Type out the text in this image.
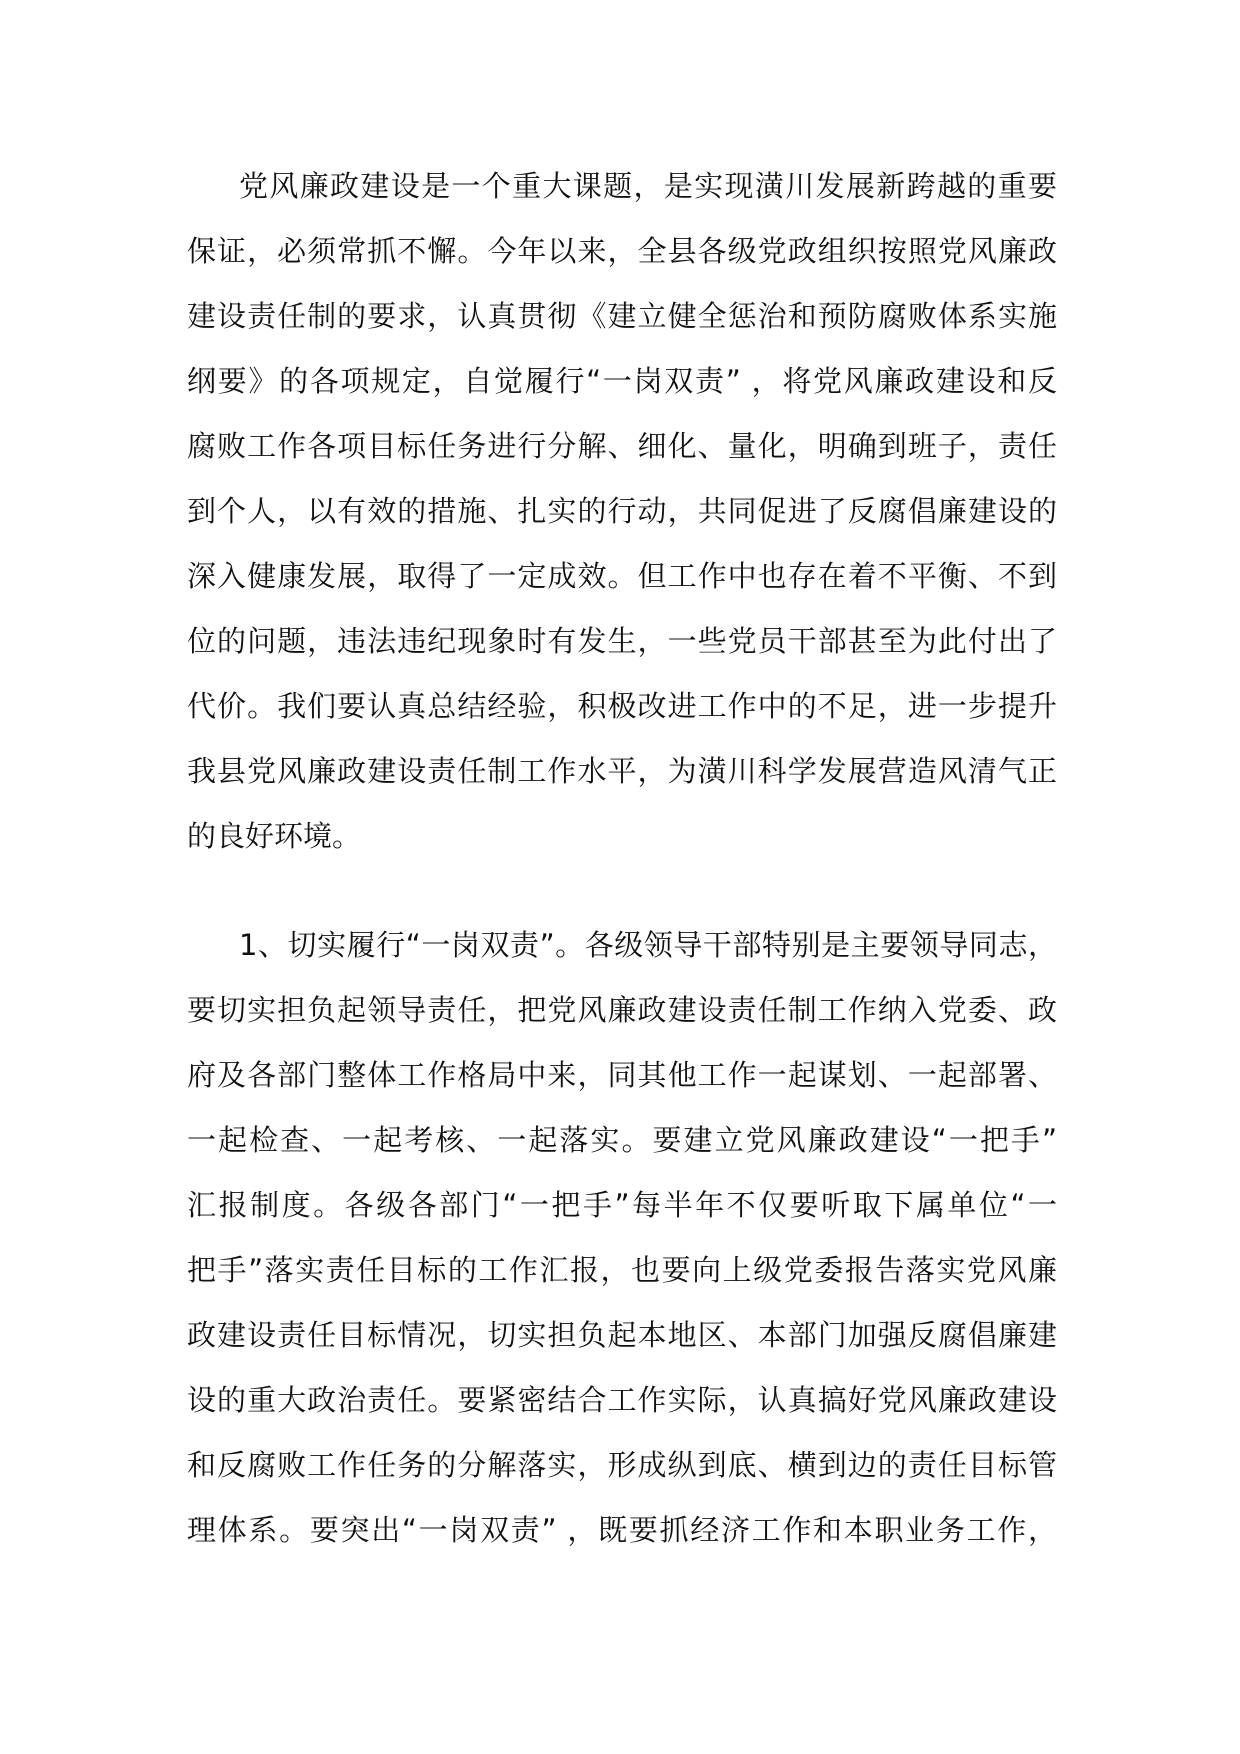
党风廉政建设是一个重大课题，是实现潢川发展新跨越的重要
保证，必须常抓不懈。今年以来，全县各级党政组织按照党风廉政
建设责任制的要求，认真贯彻《建立健全惩治和预防腐败体系实施
纲要》的各项规定，自觉履行“一岗双责” ，将党风廉政建设和反
腐败工作各项目标任务进行分解、细化、量化，明确到班子，责任
到个人，以有效的措施、扎实的行动，共同促进了反腐倡廉建设的
深入健康发展，取得了一定成效。但工作中也存在着不平衡、不到
位的问题，违法违纪现象时有发生，一些党员干部甚至为此付出了
代价。我们要认真总结经验，积极改进工作中的不足，进一步提升
我县党风廉政建设责任制工作水平，为潢川科学发展营造风清气正
的良好环境。
1、切实履行“一岗双责”。各级领导干部特别是主要领导同志，
要切实担负起领导责任，把党风廉政建设责任制工作纳入党委、政
府及各部门整体工作格局中来，同其他工作一起谋划、一起部署、
一起检查、一起考核、一起落实。要建立党风廉政建设“一把手”
汇报制度。各级各部门“一把手”每半年不仅要听取下属单位“一
把手”落实责任目标的工作汇报，也要向上级党委报告落实党风廉
政建设责任目标情况，切实担负起本地区、本部门加强反腐倡廉建
设的重大政治责任。要紧密结合工作实际，认真搞好党风廉政建设
和反腐败工作任务的分解落实，形成纵到底、横到边的责任目标管
理体系。要突出“一岗双责” ，既要抓经济工作和本职业务工作，
